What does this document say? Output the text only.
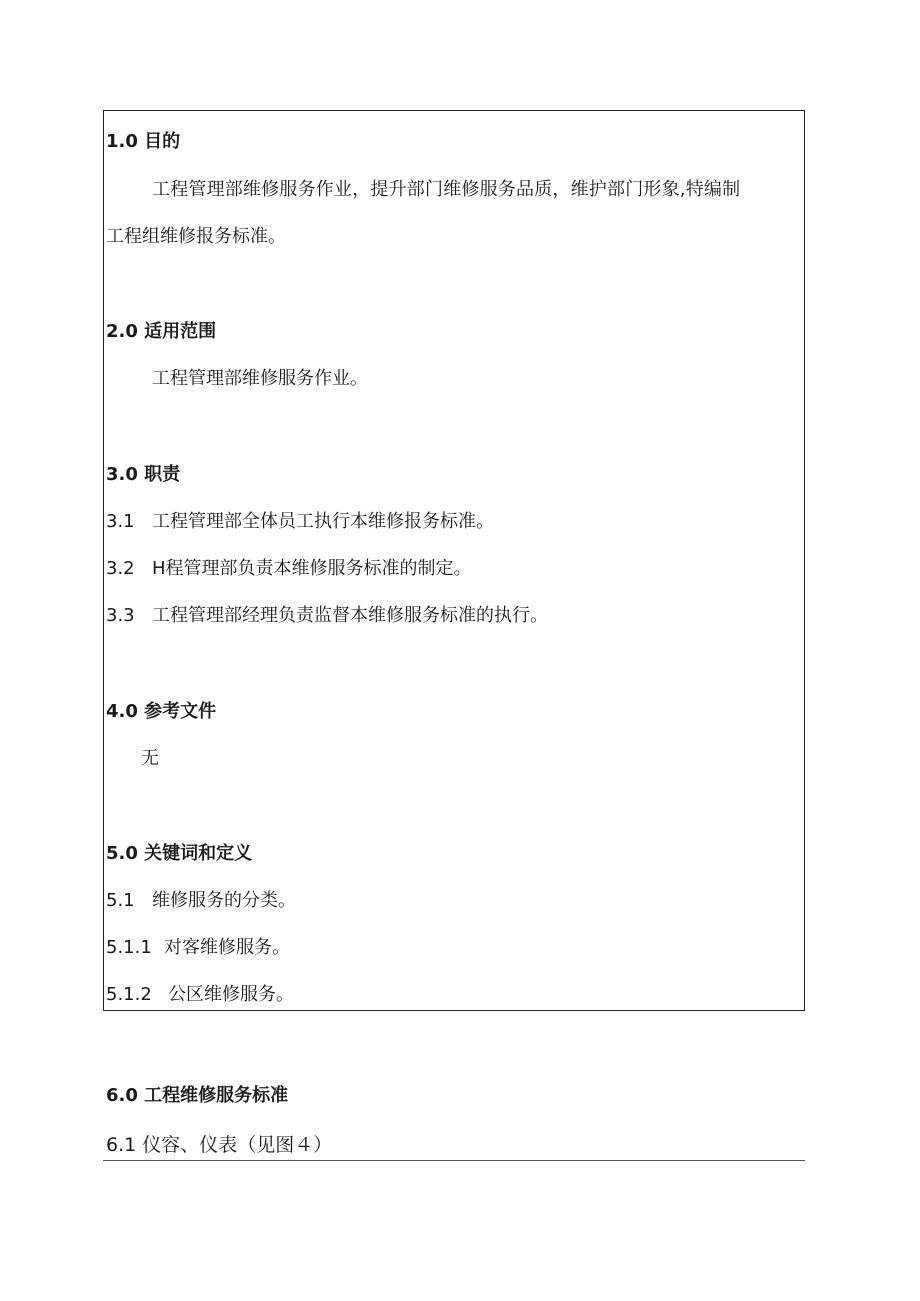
1.0 目的
工程管理部维修服务作业，提升部门维修服务品质，维护部门形象,特编制
工程组维修报务标准。
2.0 适用范围
工程管理部维修服务作业。
3.0 职责
3.1 工程管理部全体员工执行本维修报务标准。
3.2 H程管理部负责本维修服务标准的制定。
3.3 工程管理部经理负责监督本维修服务标准的执行。
4.0 参考文件
无
5.0 关键词和定义
5.1 维修服务的分类。
5.1.1 对客维修服务。
5.1.2 公区维修服务。
6.0 工程维修服务标准
6.1 仪容、仪表（见图４）
